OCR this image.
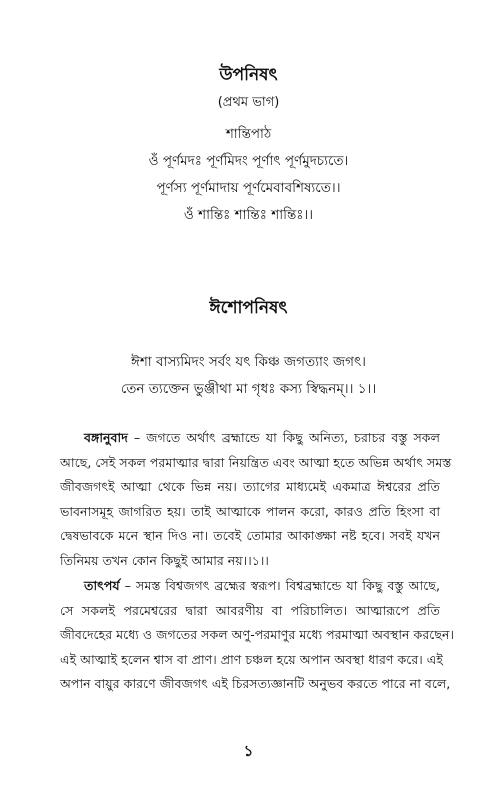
উপনিষৎ
(প্রথম ভাগ)
শান্তিপাঠ
ওঁ পূর্ণমদঃ পূর্ণমিদং পূর্ণাৎ পূর্ণমুদচ্যতে।
পূর্ণস্য পূর্ণমাদায় পূর্ণমেবাবশিষ্যতে।।
ওঁ শান্তিঃ শান্তিঃ শান্তিঃ।।
ঈশোপনিষৎ
ঈশা বাস্যমিদং সর্বং যৎ কিঞ্চ জগত্যাং জগৎ।
তেন ত্যক্তেন ভুঞ্জীথা মা গৃধঃ কস্য স্বিদ্ধনম্।। ১।।
বঙ্গানুবাদ – জগতে অর্থাৎ ব্রহ্মান্ডে যা কিছু অনিত্য, চরাচর বস্তু সকল
আছে, সেই সকল পরমাত্মার দ্বারা নিয়ন্ত্রিত এবং আত্মা হতে অভিন্ন অর্থাৎ সমস্ত
জীবজগৎই আত্মা থেকে ভিন্ন নয়। ত্যাগের মাধ্যমেই একমাত্র ঈশ্বরের প্রতি
ভাবনাসমূহ জাগরিত হয়। তাই আত্মাকে পালন করো, কারও প্রতি হিংসা বা
দ্বেষভাবকে মনে স্থান দিও না। তবেই তোমার আকাঙ্ক্ষা নষ্ট হবে। সবই যখন
তিনিময় তখন কোন কিছুই আমার নয়।।১।।
তাৎপর্য – সমস্ত বিশ্বজগৎ ব্রহ্মের স্বরূপ। বিশ্বব্রহ্মান্ডে যা কিছু বস্তু আছে,
সে সকলই পরমেশ্বরের দ্বারা আবরণীয় বা পরিচালিত। আত্মারূপে প্রতি
জীবদেহের মধ্যে ও জগতের সকল অণু-পরমাণুর মধ্যে পরমাত্মা অবস্থান করছেন।
এই আত্মাই হলেন শ্বাস বা প্রাণ। প্রাণ চঞ্চল হয়ে অপান অবস্থা ধারণ করে। এই
অপান বায়ুর কারণে জীবজগৎ এই চিরসত্যজ্ঞানটি অনুভব করতে পারে না বলে,
১
